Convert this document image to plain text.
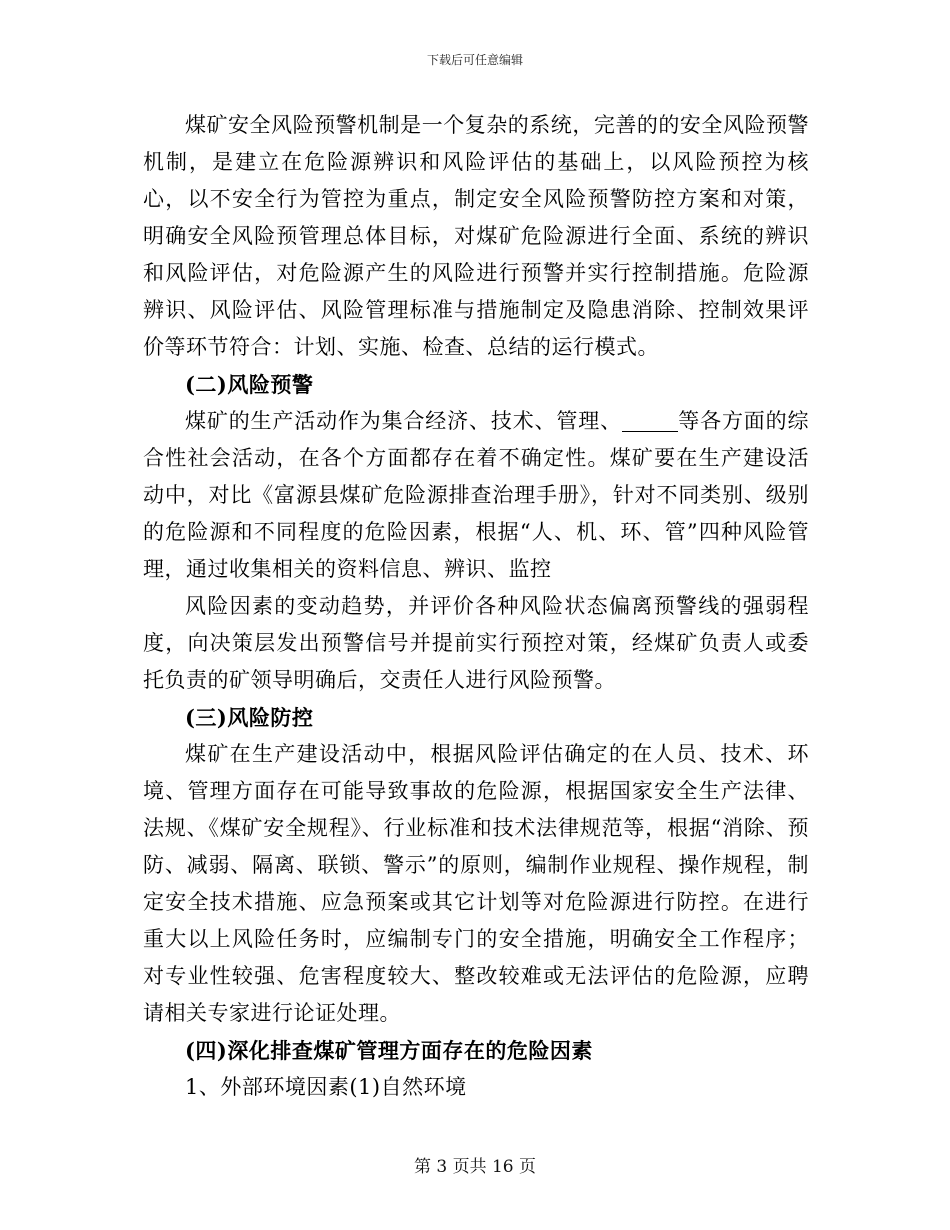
下载后可任意编辑

煤矿安全风险预警机制是一个复杂的系统，完善的的安全风险预警机制，是建立在危险源辨识和风险评估的基础上，以风险预控为核心，以不安全行为管控为重点，制定安全风险预警防控方案和对策，明确安全风险预管理总体目标，对煤矿危险源进行全面、系统的辨识和风险评估，对危险源产生的风险进行预警并实行控制措施。危险源辨识、风险评估、风险管理标准与措施制定及隐患消除、控制效果评价等环节符合：计划、实施、检查、总结的运行模式。

(二)风险预警

煤矿的生产活动作为集合经济、技术、管理、	等各方面的综合性社会活动，在各个方面都存在着不确定性。煤矿要在生产建设活动中，对比《富源县煤矿危险源排查治理手册》，针对不同类别、级别的危险源和不同程度的危险因素，根据“人、机、环、管”四种风险管理，通过收集相关的资料信息、辨识、监控

风险因素的变动趋势，并评价各种风险状态偏离预警线的强弱程度，向决策层发出预警信号并提前实行预控对策，经煤矿负责人或委托负责的矿领导明确后，交责任人进行风险预警。

(三)风险防控

煤矿在生产建设活动中，根据风险评估确定的在人员、技术、环境、管理方面存在可能导致事故的危险源，根据国家安全生产法律、法规、《煤矿安全规程》、行业标准和技术法律规范等，根据“消除、预防、减弱、隔离、联锁、警示”的原则，编制作业规程、操作规程，制定安全技术措施、应急预案或其它计划等对危险源进行防控。在进行重大以上风险任务时，应编制专门的安全措施，明确安全工作程序；对专业性较强、危害程度较大、整改较难或无法评估的危险源，应聘请相关专家进行论证处理。

(四)深化排查煤矿管理方面存在的危险因素

1、外部环境因素(1)自然环境

第 3 页共 16 页
